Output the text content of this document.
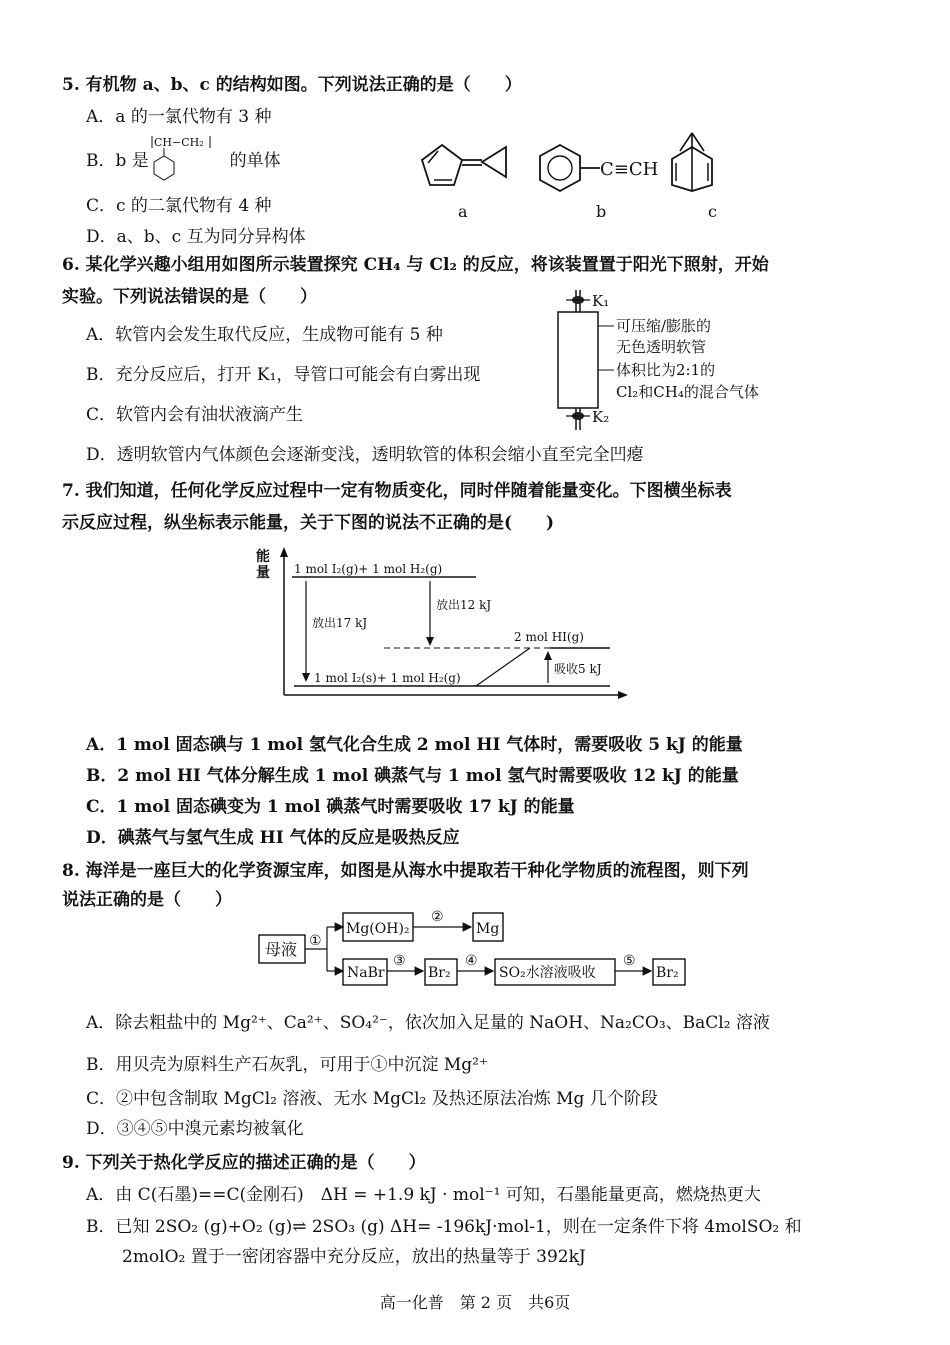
5. 有机物 a、b、c 的结构如图。下列说法正确的是（　　）
A．a 的一氯代物有 3 种
B．b 是	的单体
CH−CH₂
C．c 的二氯代物有 4 种
D．a、b、c 互为同分异构体
a
C≡CH
b	c
6. 某化学兴趣小组用如图所示装置探究 CH₄ 与 Cl₂ 的反应，将该装置置于阳光下照射，开始
实验。下列说法错误的是（　　）
A．软管内会发生取代反应，生成物可能有 5 种
B．充分反应后，打开 K₁，导管口可能会有白雾出现
C．软管内会有油状液滴产生
D．透明软管内气体颜色会逐渐变浅，透明软管的体积会缩小直至完全凹瘪
K₁
K₂
可压缩/膨胀的
无色透明软管
体积比为2:1的
Cl₂和CH₄的混合气体
7. 我们知道，任何化学反应过程中一定有物质变化，同时伴随着能量变化。下图横坐标表
示反应过程，纵坐标表示能量，关于下图的说法不正确的是(　　)
能
量 1 mol I₂(g)+ 1 mol H₂(g)
2 mol HI(g)
1 mol I₂(s)+ 1 mol H₂(g)
放出17 kJ
放出12 kJ
吸收5 kJ
A．1 mol 固态碘与 1 mol 氢气化合生成 2 mol HI 气体时，需要吸收 5 kJ 的能量
B．2 mol HI 气体分解生成 1 mol 碘蒸气与 1 mol 氢气时需要吸收 12 kJ 的能量
C．1 mol 固态碘变为 1 mol 碘蒸气时需要吸收 17 kJ 的能量
D．碘蒸气与氢气生成 HI 气体的反应是吸热反应
8. 海洋是一座巨大的化学资源宝库，如图是从海水中提取若干种化学物质的流程图，则下列
说法正确的是（　　）
母液 ①
Mg(OH)₂
②
Mg
NaBr
③
Br₂
④
SO₂水溶液吸收
⑤
Br₂
A．除去粗盐中的 Mg²⁺、Ca²⁺、SO₄²⁻，依次加入足量的 NaOH、Na₂CO₃、BaCl₂ 溶液
B．用贝壳为原料生产石灰乳，可用于①中沉淀 Mg²⁺
C．②中包含制取 MgCl₂ 溶液、无水 MgCl₂ 及热还原法冶炼 Mg 几个阶段
D．③④⑤中溴元素均被氧化
9. 下列关于热化学反应的描述正确的是（　　）
A．由 C(石墨)==C(金刚石)　ΔH = +1.9 kJ · mol⁻¹ 可知，石墨能量更高，燃烧热更大
B．已知 2SO₂ (g)+O₂ (g)⇌ 2SO₃ (g) ΔH= -196kJ·mol-1，则在一定条件下将 4molSO₂ 和
2molO₂ 置于一密闭容器中充分反应，放出的热量等于 392kJ
高一化普　第 2 页　共6页
